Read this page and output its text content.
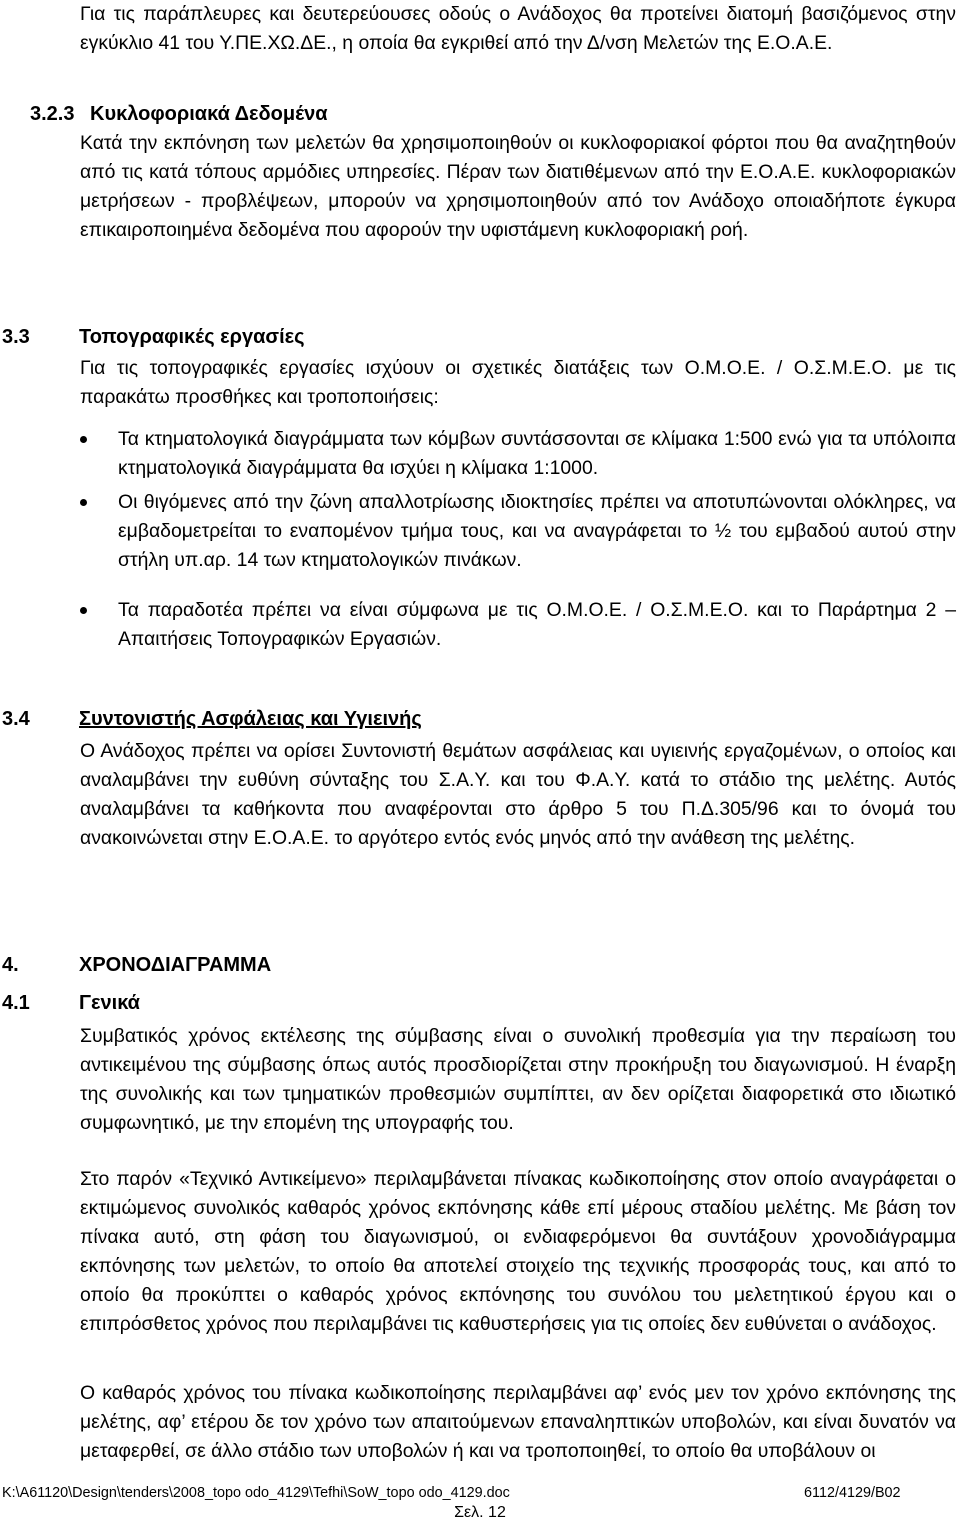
Για τις παράπλευρες και δευτερεύουσες οδούς ο Ανάδοχος θα προτείνει διατομή βασιζόμενος στην εγκύκλιο 41 του Υ.ΠΕ.ΧΩ.ΔΕ., η οποία θα εγκριθεί από την Δ/νση Μελετών της Ε.Ο.Α.Ε.
3.2.3 Κυκλοφοριακά Δεδομένα
Κατά την εκπόνηση των μελετών θα χρησιμοποιηθούν οι κυκλοφοριακοί φόρτοι που θα αναζητηθούν από τις κατά τόπους αρμόδιες υπηρεσίες. Πέραν των διατιθέμενων από την Ε.Ο.Α.Ε. κυκλοφοριακών μετρήσεων - προβλέψεων, μπορούν να χρησιμοποιηθούν από τον Ανάδοχο οποιαδήποτε έγκυρα επικαιροποιημένα δεδομένα που αφορούν την υφιστάμενη κυκλοφοριακή ροή.
3.3 Τοπογραφικές εργασίες
Για τις τοπογραφικές εργασίες ισχύουν οι σχετικές διατάξεις των Ο.Μ.Ο.Ε. / Ο.Σ.Μ.Ε.Ο. με τις παρακάτω προσθήκες και τροποποιήσεις:
Τα κτηματολογικά διαγράμματα των κόμβων συντάσσονται σε κλίμακα 1:500 ενώ για τα υπόλοιπα κτηματολογικά διαγράμματα θα ισχύει η κλίμακα 1:1000.
Οι θιγόμενες από την ζώνη απαλλοτρίωσης ιδιοκτησίες πρέπει να αποτυπώνονται ολόκληρες, να εμβαδομετρείται το εναπομένον τμήμα τους, και να αναγράφεται το ½ του εμβαδού αυτού στην στήλη υπ.αρ. 14 των κτηματολογικών πινάκων.
Τα παραδοτέα πρέπει να είναι σύμφωνα με τις Ο.Μ.Ο.Ε. / Ο.Σ.Μ.Ε.Ο. και το Παράρτημα 2 – Απαιτήσεις Τοπογραφικών Εργασιών.
3.4 Συντονιστής Ασφάλειας και Υγιεινής
Ο Ανάδοχος πρέπει να ορίσει Συντονιστή θεμάτων ασφάλειας και υγιεινής εργαζομένων, ο οποίος και αναλαμβάνει την ευθύνη σύνταξης του Σ.Α.Υ. και του Φ.Α.Υ. κατά το στάδιο της μελέτης. Αυτός αναλαμβάνει τα καθήκοντα που αναφέρονται στο άρθρο 5 του Π.Δ.305/96 και το όνομά του ανακοινώνεται στην Ε.Ο.Α.Ε. το αργότερο εντός ενός μηνός από την ανάθεση της μελέτης.
4.	ΧΡΟΝΟΔΙΑΓΡΑΜΜΑ
4.1 Γενικά
Συμβατικός χρόνος εκτέλεσης της σύμβασης είναι ο συνολική προθεσμία για την περαίωση του αντικειμένου της σύμβασης όπως αυτός προσδιορίζεται στην προκήρυξη του διαγωνισμού. Η έναρξη της συνολικής και των τμηματικών προθεσμιών συμπίπτει, αν δεν ορίζεται διαφορετικά στο ιδιωτικό συμφωνητικό, με την επομένη της υπογραφής του.
Στο παρόν «Τεχνικό Αντικείμενο» περιλαμβάνεται πίνακας κωδικοποίησης στον οποίο αναγράφεται ο εκτιμώμενος συνολικός καθαρός χρόνος εκπόνησης κάθε επί μέρους σταδίου μελέτης. Με βάση τον πίνακα αυτό, στη φάση του διαγωνισμού, οι ενδιαφερόμενοι θα συντάξουν χρονοδιάγραμμα εκπόνησης των μελετών, το οποίο θα αποτελεί στοιχείο της τεχνικής προσφοράς τους, και από το οποίο θα προκύπτει ο καθαρός χρόνος εκπόνησης του συνόλου του μελετητικού έργου και ο επιπρόσθετος χρόνος που περιλαμβάνει τις καθυστερήσεις για τις οποίες δεν ευθύνεται ο ανάδοχος.
Ο καθαρός χρόνος του πίνακα κωδικοποίησης περιλαμβάνει αφ’ ενός μεν τον χρόνο εκπόνησης της μελέτης, αφ’ ετέρου δε τον χρόνο των απαιτούμενων επαναληπτικών υποβολών, και είναι δυνατόν να μεταφερθεί, σε άλλο στάδιο των υποβολών ή και να τροποποιηθεί, το οποίο θα υποβάλουν οι
K:\A61120\Design\tenders\2008_topo odo_4129\Tefhi\SoW_topo odo_4129.doc	6112/4129/B02
Σελ. 12
